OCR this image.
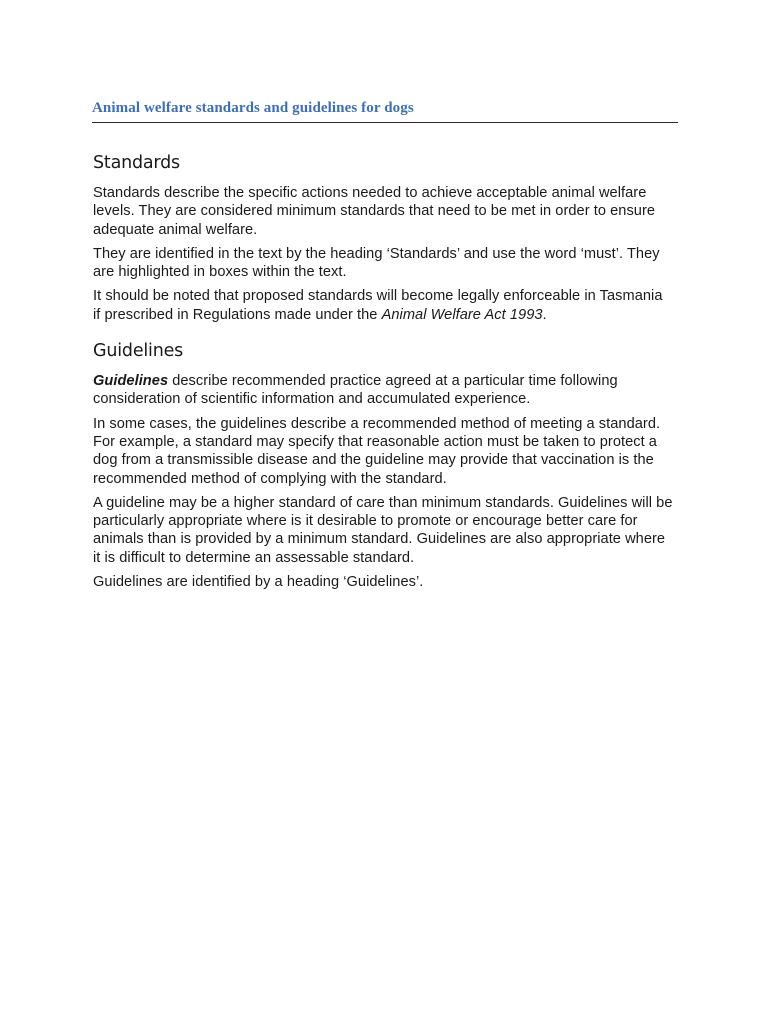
Animal welfare standards and guidelines for dogs
Standards

Standards describe the specific actions needed to achieve acceptable animal welfare levels. They are considered minimum standards that need to be met in order to ensure adequate animal welfare.

They are identified in the text by the heading ‘Standards’ and use the word ‘must’. They are highlighted in boxes within the text.

It should be noted that proposed standards will become legally enforceable in Tasmania if prescribed in Regulations made under the Animal Welfare Act 1993.

Guidelines

Guidelines describe recommended practice agreed at a particular time following consideration of scientific information and accumulated experience.

In some cases, the guidelines describe a recommended method of meeting a standard. For example, a standard may specify that reasonable action must be taken to protect a dog from a transmissible disease and the guideline may provide that vaccination is the recommended method of complying with the standard.

A guideline may be a higher standard of care than minimum standards. Guidelines will be particularly appropriate where is it desirable to promote or encourage better care for animals than is provided by a minimum standard. Guidelines are also appropriate where it is difficult to determine an assessable standard.

Guidelines are identified by a heading ‘Guidelines’.
